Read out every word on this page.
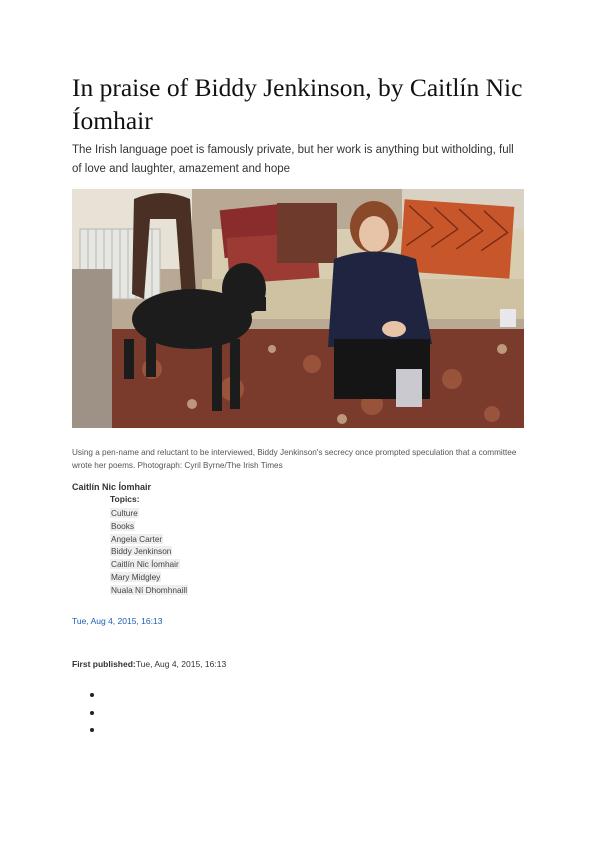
In praise of Biddy Jenkinson, by Caitlín Nic Íomhair

The Irish language poet is famously private, but her work is anything but witholding, full of love and laughter, amazement and hope

Using a pen-name and reluctant to be interviewed, Biddy Jenkinson's secrecy once prompted speculation that a committee wrote her poems. Photograph: Cyril Byrne/The Irish Times

Caitlín Nic Íomhair
Topics:
Culture
Books
Angela Carter
Biddy Jenkinson
Caitlín Nic Íomhair
Mary Midgley
Nuala Ní Dhomhnaill
Tue, Aug 4, 2015, 16:13
First published:Tue, Aug 4, 2015, 16:13
